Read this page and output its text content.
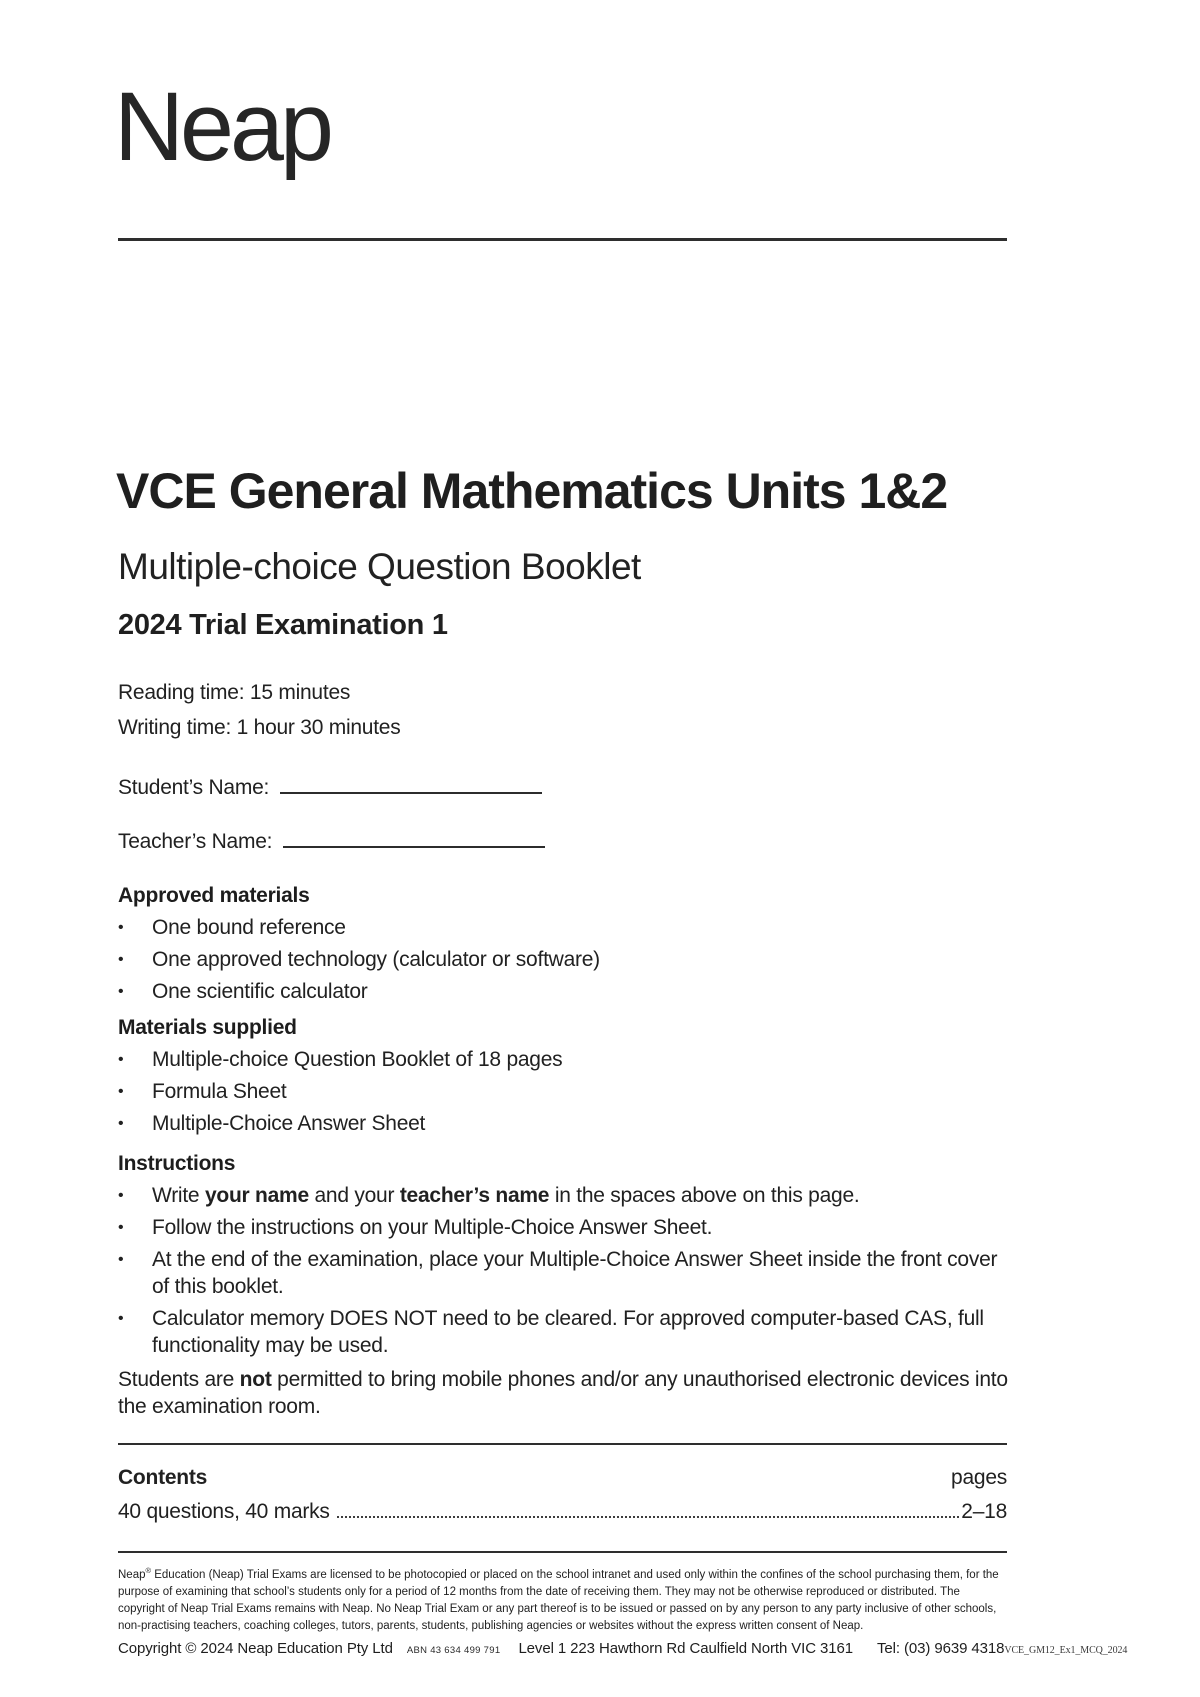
Neap
VCE General Mathematics Units 1&2
Multiple-choice Question Booklet
2024 Trial Examination 1
Reading time: 15 minutes
Writing time: 1 hour 30 minutes
Student’s Name:
Teacher’s Name:
Approved materials
•	One bound reference
•	One approved technology (calculator or software)
•	One scientific calculator
Materials supplied
•	Multiple-choice Question Booklet of 18 pages
•	Formula Sheet
•	Multiple-Choice Answer Sheet
Instructions
•	Write your name and your teacher’s name in the spaces above on this page.
•	Follow the instructions on your Multiple-Choice Answer Sheet.
•	At the end of the examination, place your Multiple-Choice Answer Sheet inside the front cover of this booklet.
•	Calculator memory DOES NOT need to be cleared. For approved computer-based CAS, full functionality may be used.

Students are not permitted to bring mobile phones and/or any unauthorised electronic devices into the examination room.

Contents	pages
40 questions, 40 marks	2–18

Neap® Education (Neap) Trial Exams are licensed to be photocopied or placed on the school intranet and used only within the confines of the school purchasing them, for the purpose of examining that school’s students only for a period of 12 months from the date of receiving them. They may not be otherwise reproduced or distributed. The copyright of Neap Trial Exams remains with Neap. No Neap Trial Exam or any part thereof is to be issued or passed on by any person to any party inclusive of other schools, non-practising teachers, coaching colleges, tutors, parents, students, publishing agencies or websites without the express written consent of Neap.

Copyright © 2024 Neap Education Pty Ltd ABN 43 634 499 791 Level 1 223 Hawthorn Rd Caulfield North VIC 3161 Tel: (03) 9639 4318 VCE_GM12_Ex1_MCQ_2024
